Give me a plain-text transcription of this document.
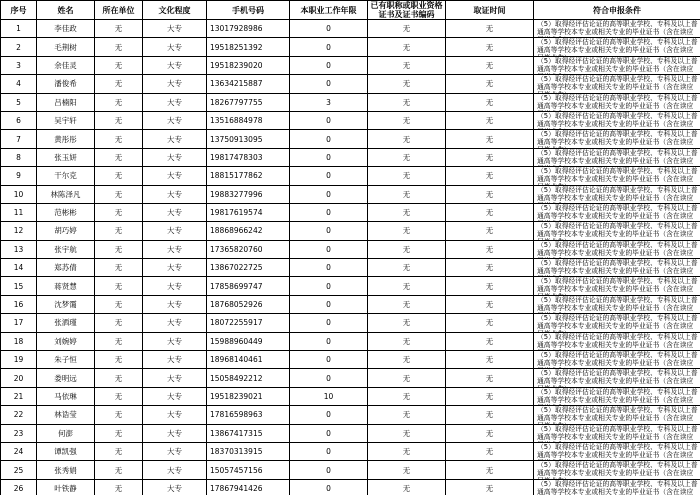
序号	姓名	所在单位	文化程度	手机号码	本职业工作年限	已有职称或职业资格证书及证书编码	取证时间	符合申报条件
1	李佳政	无	大专	13017928986	0	无	无	（5）取得经评估论证的高等职业学校、专科及以上普通高等学校本专业或相关专业的毕业证书（含在读应

2	毛荆树	无	大专	19518251392	0	无	无	（5）取得经评估论证的高等职业学校、专科及以上普通高等学校本专业或相关专业的毕业证书（含在读应

3	余佳灵	无	大专	19518239020	0	无	无	（5）取得经评估论证的高等职业学校、专科及以上普通高等学校本专业或相关专业的毕业证书（含在读应

4	潘俊希	无	大专	13634215887	0	无	无	（5）取得经评估论证的高等职业学校、专科及以上普通高等学校本专业或相关专业的毕业证书（含在读应

5	吕楠阳	无	大专	18267797755	3	无	无	（5）取得经评估论证的高等职业学校、专科及以上普通高等学校本专业或相关专业的毕业证书（含在读应

6	吴宇轩	无	大专	13516884978	0	无	无	（5）取得经评估论证的高等职业学校、专科及以上普通高等学校本专业或相关专业的毕业证书（含在读应

7	黄彤彤	无	大专	13750913095	0	无	无	（5）取得经评估论证的高等职业学校、专科及以上普通高等学校本专业或相关专业的毕业证书（含在读应

8	张玉妍	无	大专	19817478303	0	无	无	（5）取得经评估论证的高等职业学校、专科及以上普通高等学校本专业或相关专业的毕业证书（含在读应

9	干尔克	无	大专	18815177862	0	无	无	（5）取得经评估论证的高等职业学校、专科及以上普通高等学校本专业或相关专业的毕业证书（含在读应

10	林陈泽凡	无	大专	19883277996	0	无	无	（5）取得经评估论证的高等职业学校、专科及以上普通高等学校本专业或相关专业的毕业证书（含在读应

11	范彬彬	无	大专	19817619574	0	无	无	（5）取得经评估论证的高等职业学校、专科及以上普通高等学校本专业或相关专业的毕业证书（含在读应

12	胡巧婷	无	大专	18868966242	0	无	无	（5）取得经评估论证的高等职业学校、专科及以上普通高等学校本专业或相关专业的毕业证书（含在读应

13	张宇航	无	大专	17365820760	0	无	无	（5）取得经评估论证的高等职业学校、专科及以上普通高等学校本专业或相关专业的毕业证书（含在读应

14	郑苏倩	无	大专	13867022725	0	无	无	（5）取得经评估论证的高等职业学校、专科及以上普通高等学校本专业或相关专业的毕业证书（含在读应

15	蒋贤慧	无	大专	17858699747	0	无	无	（5）取得经评估论证的高等职业学校、专科及以上普通高等学校本专业或相关专业的毕业证书（含在读应

16	沈梦霭	无	大专	18768052926	0	无	无	（5）取得经评估论证的高等职业学校、专科及以上普通高等学校本专业或相关专业的毕业证书（含在读应

17	张洒瑾	无	大专	18072255917	0	无	无	（5）取得经评估论证的高等职业学校、专科及以上普通高等学校本专业或相关专业的毕业证书（含在读应

18	刘婉婷	无	大专	15988960449	0	无	无	（5）取得经评估论证的高等职业学校、专科及以上普通高等学校本专业或相关专业的毕业证书（含在读应

19	朱子恒	无	大专	18968140461	0	无	无	（5）取得经评估论证的高等职业学校、专科及以上普通高等学校本专业或相关专业的毕业证书（含在读应

20	娄明远	无	大专	15058492212	0	无	无	（5）取得经评估论证的高等职业学校、专科及以上普通高等学校本专业或相关专业的毕业证书（含在读应

21	马依琳	无	大专	19518239021	10	无	无	（5）取得经评估论证的高等职业学校、专科及以上普通高等学校本专业或相关专业的毕业证书（含在读应

22	林诰莹	无	大专	17816598963	0	无	无	（5）取得经评估论证的高等职业学校、专科及以上普通高等学校本专业或相关专业的毕业证书（含在读应

23	何澎	无	大专	13867417315	0	无	无	（5）取得经评估论证的高等职业学校、专科及以上普通高等学校本专业或相关专业的毕业证书（含在读应

24	谭凯强	无	大专	18370313915	0	无	无	（5）取得经评估论证的高等职业学校、专科及以上普通高等学校本专业或相关专业的毕业证书（含在读应

25	张秀娟	无	大专	15057457156	0	无	无	（5）取得经评估论证的高等职业学校、专科及以上普通高等学校本专业或相关专业的毕业证书（含在读应

26	叶铁静	无	大专	17867941426	0	无	无	（5）取得经评估论证的高等职业学校、专科及以上普通高等学校本专业或相关专业的毕业证书（含在读应
